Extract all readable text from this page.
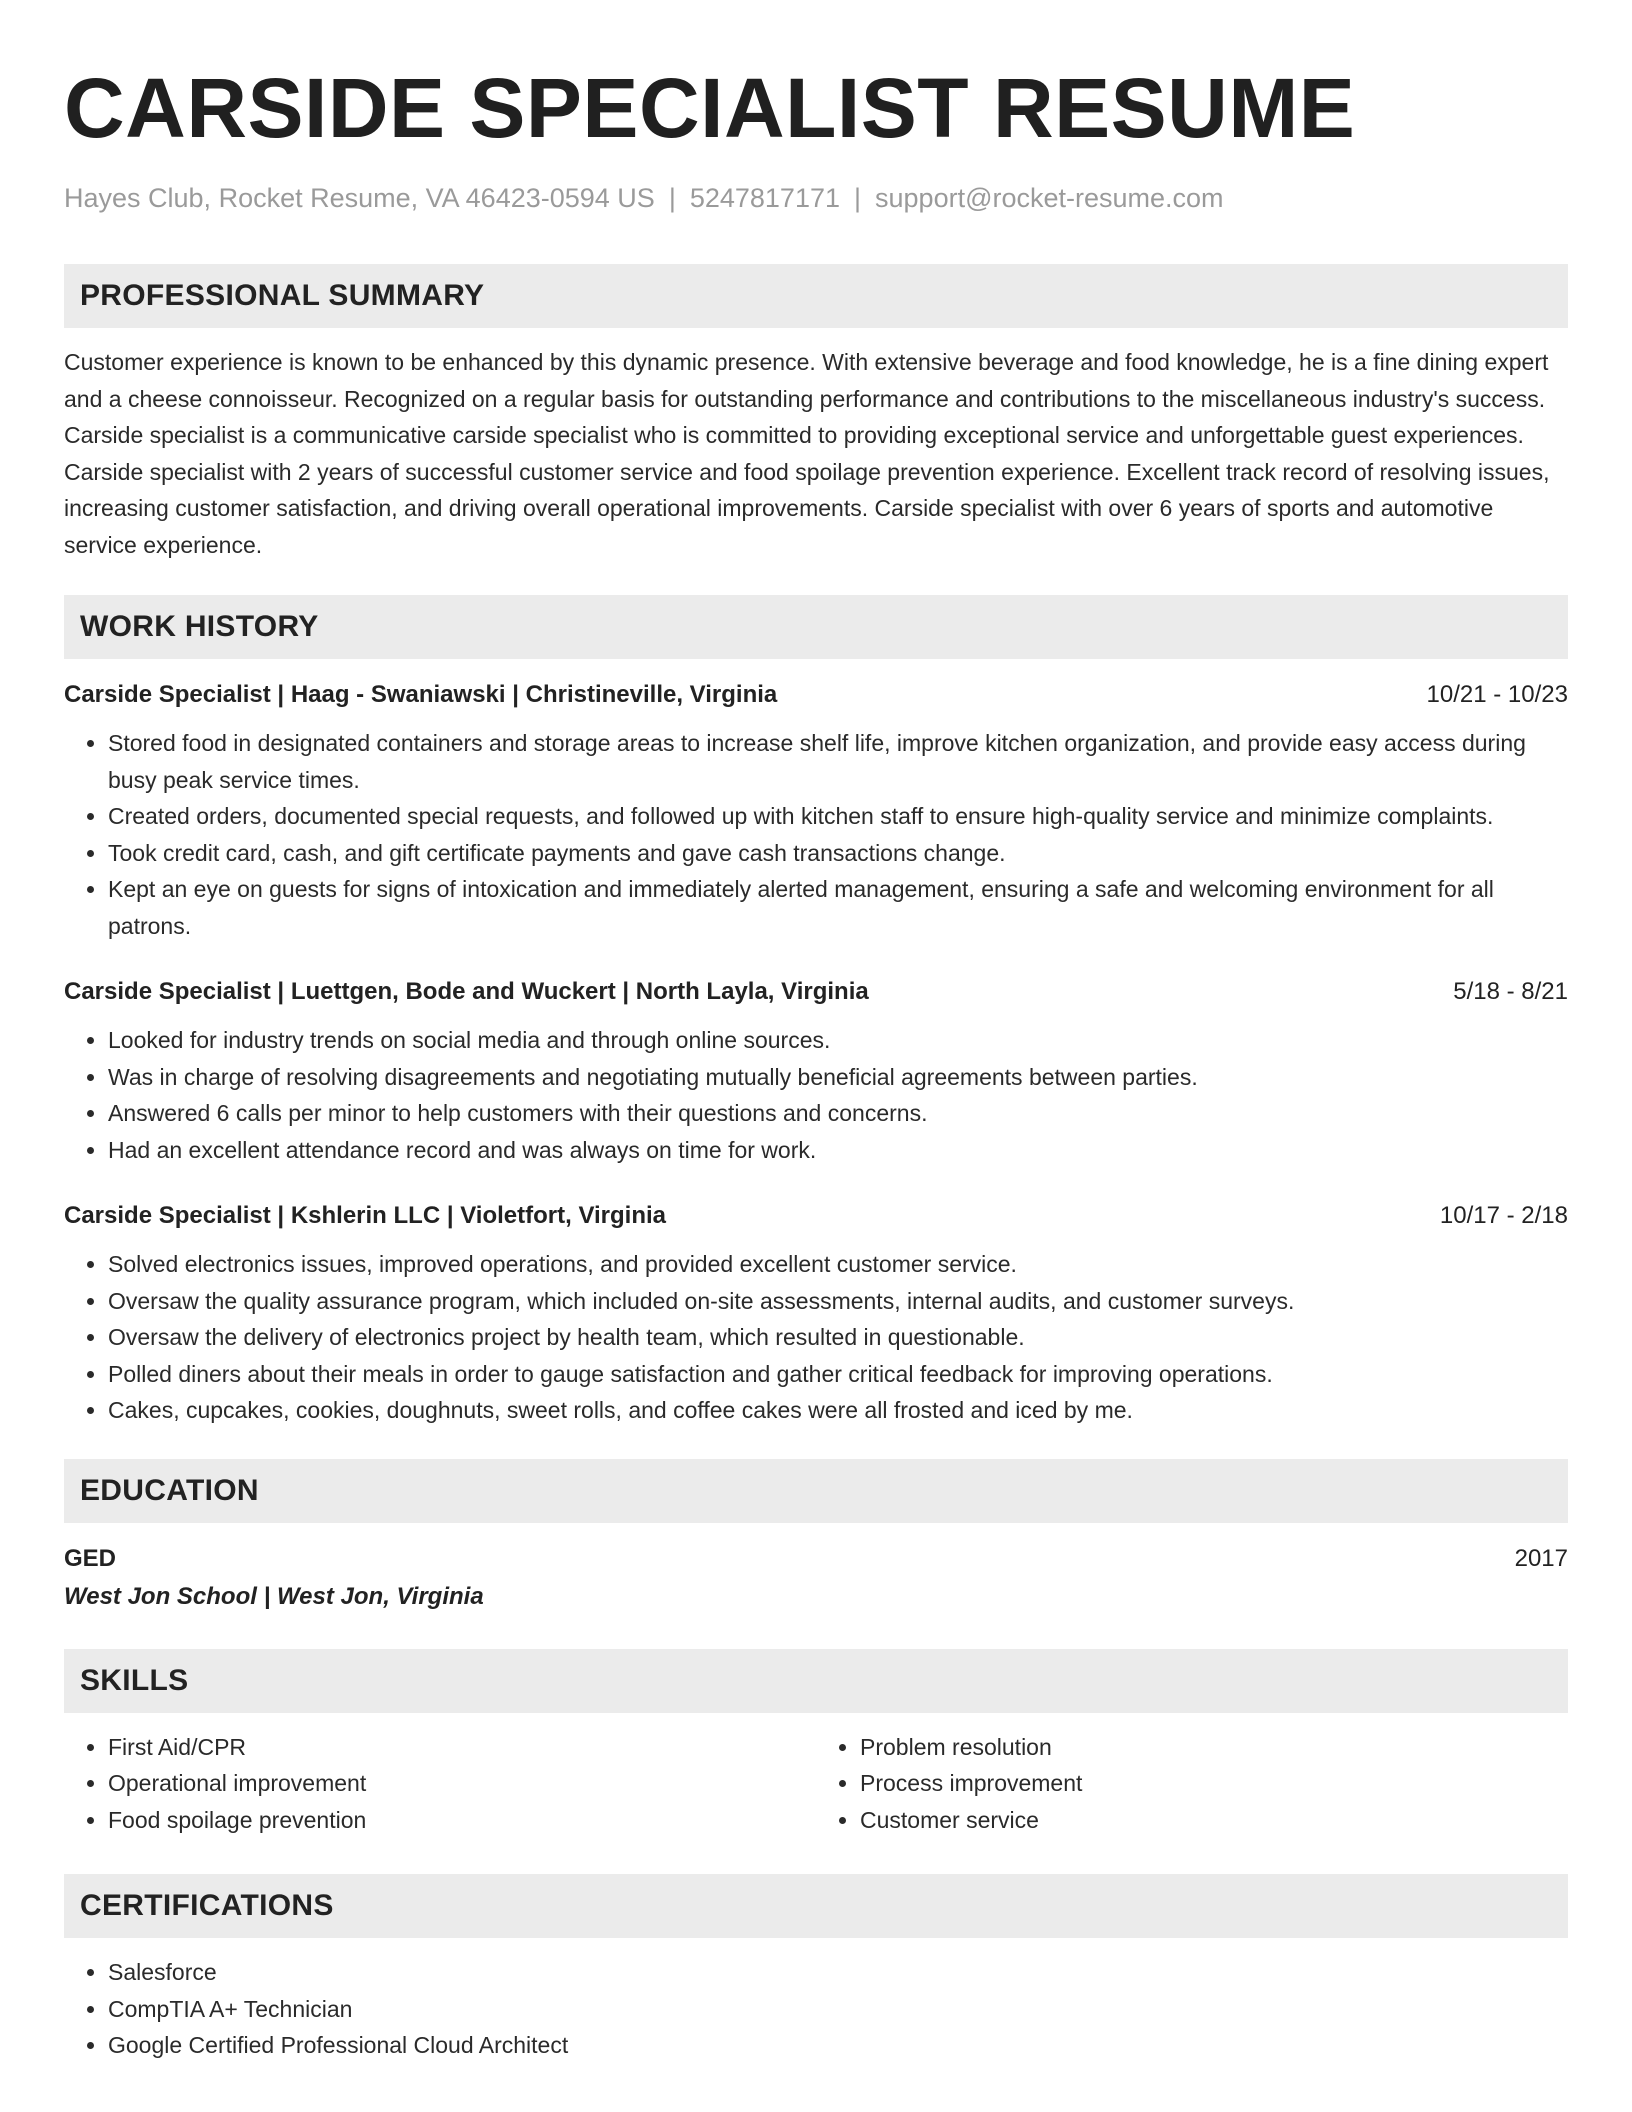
CARSIDE SPECIALIST RESUME
Hayes Club, Rocket Resume, VA 46423-0594 US | 5247817171 | support@rocket-resume.com
PROFESSIONAL SUMMARY
Customer experience is known to be enhanced by this dynamic presence. With extensive beverage and food knowledge, he is a fine dining expert and a cheese connoisseur. Recognized on a regular basis for outstanding performance and contributions to the miscellaneous industry's success. Carside specialist is a communicative carside specialist who is committed to providing exceptional service and unforgettable guest experiences. Carside specialist with 2 years of successful customer service and food spoilage prevention experience. Excellent track record of resolving issues, increasing customer satisfaction, and driving overall operational improvements. Carside specialist with over 6 years of sports and automotive service experience.
WORK HISTORY
Carside Specialist | Haag - Swaniawski | Christineville, Virginia	10/21 - 10/23
• Stored food in designated containers and storage areas to increase shelf life, improve kitchen organization, and provide easy access during busy peak service times.
• Created orders, documented special requests, and followed up with kitchen staff to ensure high-quality service and minimize complaints.
• Took credit card, cash, and gift certificate payments and gave cash transactions change.
• Kept an eye on guests for signs of intoxication and immediately alerted management, ensuring a safe and welcoming environment for all patrons.
Carside Specialist | Luettgen, Bode and Wuckert | North Layla, Virginia	5/18 - 8/21
• Looked for industry trends on social media and through online sources.
• Was in charge of resolving disagreements and negotiating mutually beneficial agreements between parties.
• Answered 6 calls per minor to help customers with their questions and concerns.
• Had an excellent attendance record and was always on time for work.
Carside Specialist | Kshlerin LLC | Violetfort, Virginia	10/17 - 2/18
• Solved electronics issues, improved operations, and provided excellent customer service.
• Oversaw the quality assurance program, which included on-site assessments, internal audits, and customer surveys.
• Oversaw the delivery of electronics project by health team, which resulted in questionable.
• Polled diners about their meals in order to gauge satisfaction and gather critical feedback for improving operations.
• Cakes, cupcakes, cookies, doughnuts, sweet rolls, and coffee cakes were all frosted and iced by me.
EDUCATION
GED	2017
West Jon School | West Jon, Virginia
SKILLS
• First Aid/CPR
• Operational improvement
• Food spoilage prevention
• Problem resolution
• Process improvement
• Customer service
CERTIFICATIONS
• Salesforce
• CompTIA A+ Technician
• Google Certified Professional Cloud Architect
